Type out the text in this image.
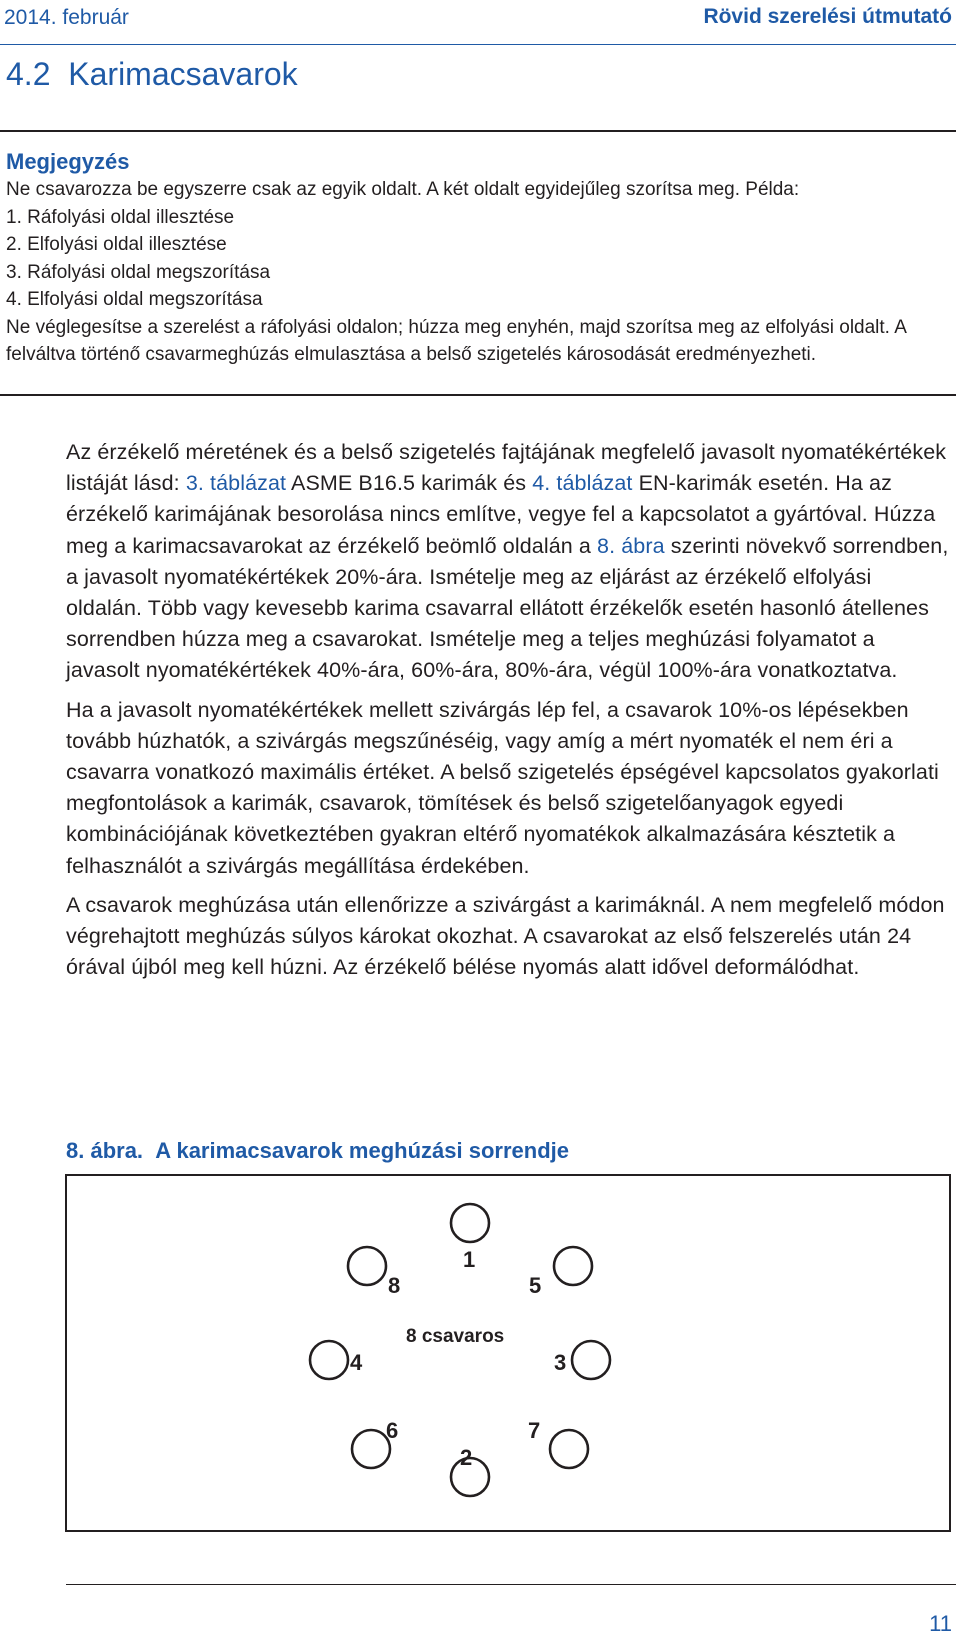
2014. február	Rövid szerelési útmutató
4.2 Karimacsavarok
Megjegyzés

Ne csavarozza be egyszerre csak az egyik oldalt. A két oldalt egyidejűleg szorítsa meg. Példa:

1. Ráfolyási oldal illesztése

2. Elfolyási oldal illesztése

3. Ráfolyási oldal megszorítása

4. Elfolyási oldal megszorítása

Ne véglegesítse a szerelést a ráfolyási oldalon; húzza meg enyhén, majd szorítsa meg az elfolyási oldalt. A felváltva történő csavarmeghúzás elmulasztása a belső szigetelés károsodását eredményezheti.

Az érzékelő méretének és a belső szigetelés fajtájának megfelelő javasolt nyomatékértékek listáját lásd: 3. táblázat ASME B16.5 karimák és 4. táblázat EN-karimák esetén. Ha az érzékelő karimájának besorolása nincs említve, vegye fel a kapcsolatot a gyártóval. Húzza meg a karimacsavarokat az érzékelő beömlő oldalán a 8. ábra szerinti növekvő sorrendben, a javasolt nyomatékértékek 20%-ára. Ismételje meg az eljárást az érzékelő elfolyási oldalán. Több vagy kevesebb karima csavarral ellátott érzékelők esetén hasonló átellenes sorrendben húzza meg a csavarokat. Ismételje meg a teljes meghúzási folyamatot a javasolt nyomatékértékek 40%-ára, 60%-ára, 80%-ára, végül 100%-ára vonatkoztatva.

Ha a javasolt nyomatékértékek mellett szivárgás lép fel, a csavarok 10%-os lépésekben tovább húzhatók, a szivárgás megszűnéséig, vagy amíg a mért nyomaték el nem éri a csavarra vonatkozó maximális értéket. A belső szigetelés épségével kapcsolatos gyakorlati megfontolások a karimák, csavarok, tömítések és belső szigetelőanyagok egyedi kombinációjának következtében gyakran eltérő nyomatékok alkalmazására késztetik a felhasználót a szivárgás megállítása érdekében.

A csavarok meghúzása után ellenőrizze a szivárgást a karimáknál. A nem megfelelő módon végrehajtott meghúzás súlyos károkat okozhat. A csavarokat az első felszerelés után 24 órával újból meg kell húzni. Az érzékelő bélése nyomás alatt idővel deformálódhat.

8. ábra. A karimacsavarok meghúzási sorrendje
1
2
3
4
5
6	7
8
8 csavaros
11
